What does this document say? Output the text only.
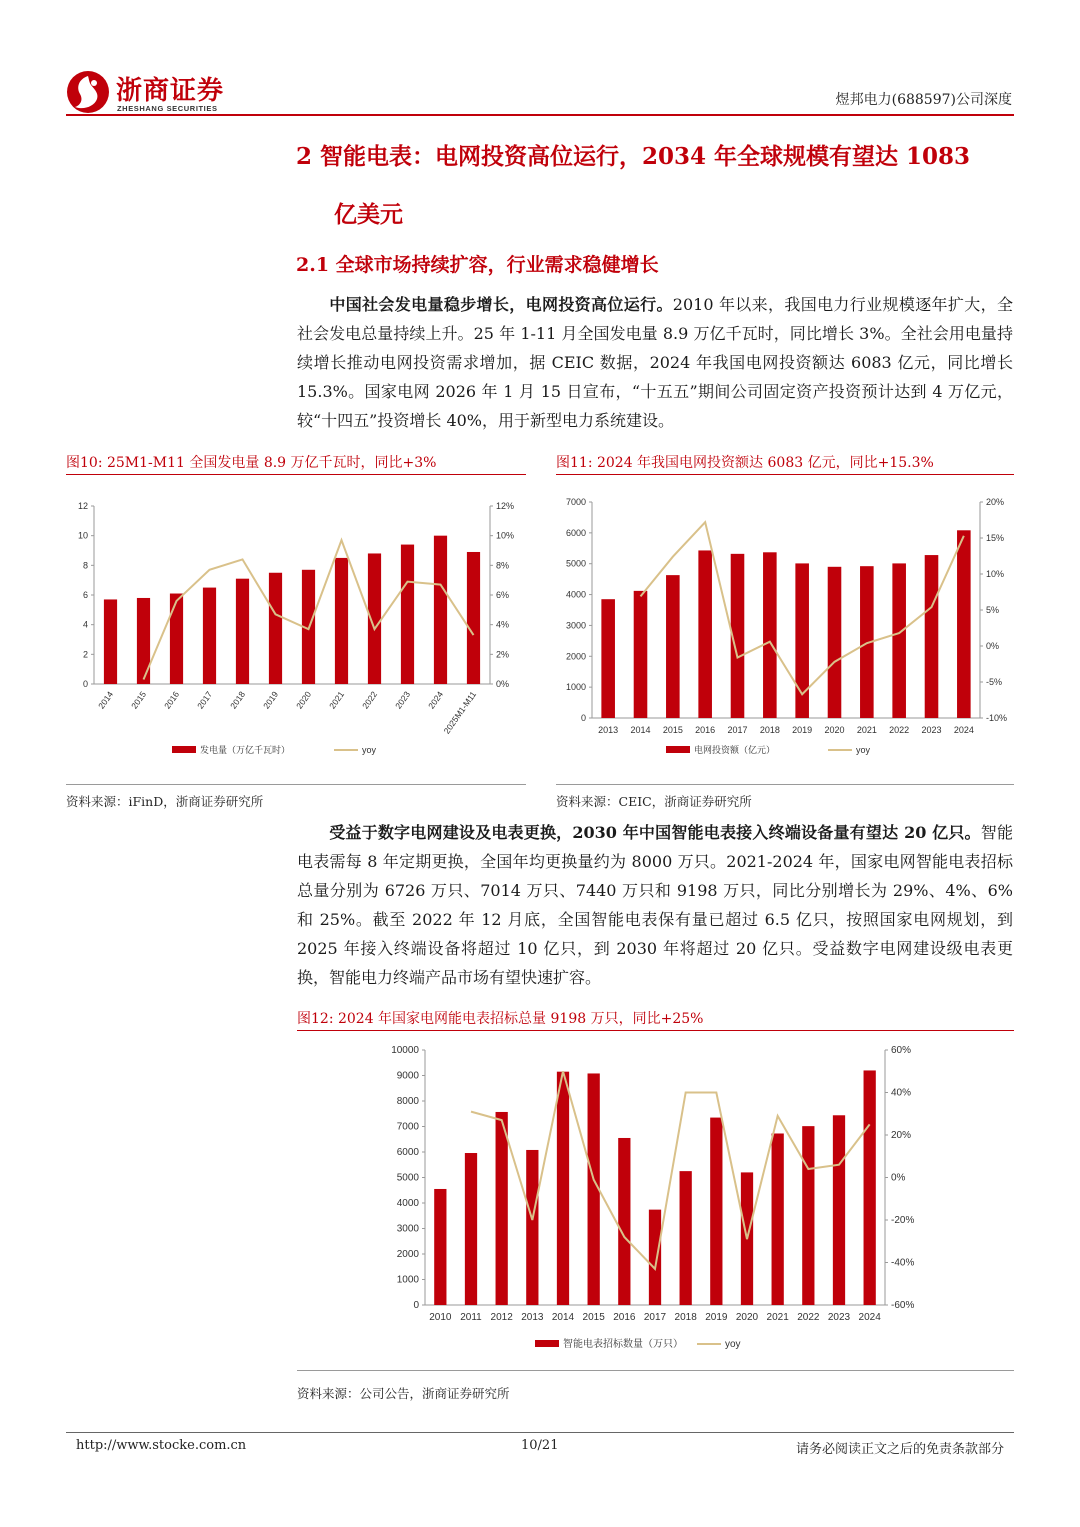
浙商证券
ZHESHANG SECURITIES
煜邦电力(688597)公司深度
2 智能电表：电网投资高位运行，2034 年全球规模有望达 1083
亿美元
2.1 全球市场持续扩容，行业需求稳健增长
中国社会发电量稳步增长，电网投资高位运行。2010 年以来，我国电力行业规模逐年扩大，全社会发电总量持续上升。25 年 1-11 月全国发电量 8.9 万亿千瓦时，同比增长 3%。全社会用电量持续增长推动电网投资需求增加，据 CEIC 数据，2024 年我国电网投资额达 6083 亿元，同比增长 15.3%。国家电网 2026 年 1 月 15 日宣布，“十五五”期间公司固定资产投资预计达到 4 万亿元，较“十四五”投资增长 40%，用于新型电力系统建设。
图10: 25M1-M11 全国发电量 8.9 万亿千瓦时，同比+3%
0
2
4
6
8
10
12
0%
2%
4%
6%
8%
10%
12%
2014 2015 2016 2017 2018 2019 2020 2021 2022 2023 2024
2025M1-M11
发电量（万亿千瓦时）	yoy
资料来源：iFinD，浙商证券研究所
图11: 2024 年我国电网投资额达 6083 亿元，同比+15.3%
0
1000
2000
3000
4000
5000
6000
7000
-10%
-5%
0%
5%
10%
15%
20%
2013 2014 2015 2016 2017 2018 2019 2020 2021 2022 2023 2024
电网投资额（亿元）	yoy
资料来源：CEIC，浙商证券研究所
受益于数字电网建设及电表更换，2030 年中国智能电表接入终端设备量有望达 20 亿只。智能电表需每 8 年定期更换，全国年均更换量约为 8000 万只。2021-2024 年，国家电网智能电表招标总量分别为 6726 万只、7014 万只、7440 万只和 9198 万只，同比分别增长为 29%、4%、6%和 25%。截至 2022 年 12 月底，全国智能电表保有量已超过 6.5 亿只，按照国家电网规划，到 2025 年接入终端设备将超过 10 亿只，到 2030 年将超过 20 亿只。受益数字电网建设级电表更换，智能电力终端产品市场有望快速扩容。
图12: 2024 年国家电网能电表招标总量 9198 万只，同比+25%
0
1000
2000
3000
4000
5000
6000
7000
8000
9000
10000
-60%
-40%
-20%
0%
20%
40%
60%
2010 2011 2012 2013 2014 2015 2016 2017 2018 2019 2020 2021 2022 2023 2024
智能电表招标数量（万只）	yoy
资料来源：公司公告，浙商证券研究所
http://www.stocke.com.cn	10/21	请务必阅读正文之后的免责条款部分
